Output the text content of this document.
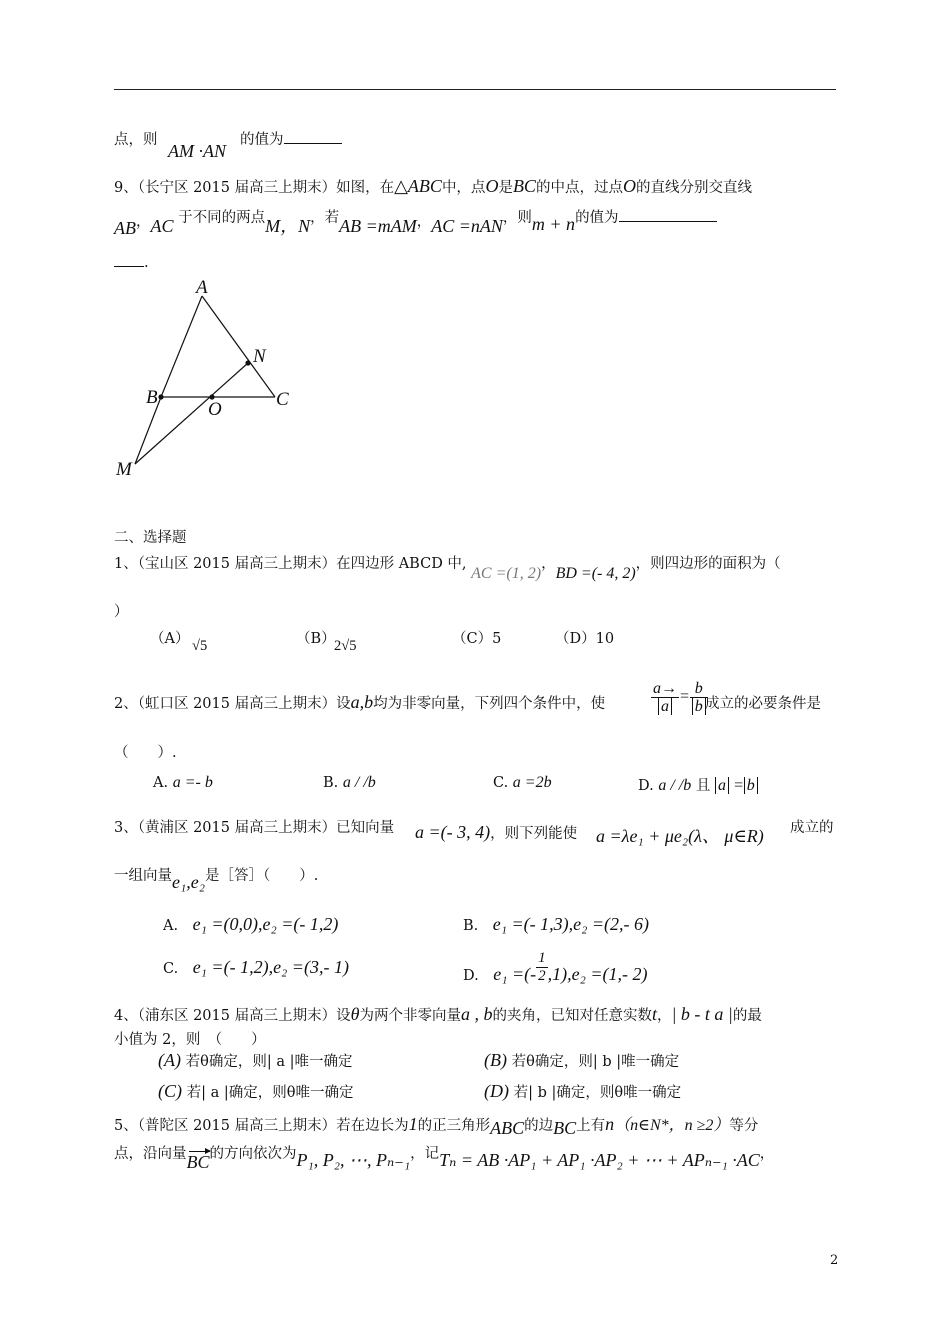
点，则
AM ·AN
的值为
9、（长宁区 2015 届高三上期末）如图，在△ABC中，点O是BC的中点，过点O的直线分别交直线
AB，AC 于不同的两点M，N，若AB =mAM，AC =nAN，则m + n的值为
.
A
N
B
O	C
M
二、选择题
1、（宝山区 2015 届高三上期末）在四边形 ABCD 中, AC =(1, 2)，BD =(- 4, 2)，则四边形的面积为（
）
（A） √5	（B）
2√5	（C）5	（D）10
2、（虹口区 2015 届高三上期末）设a,b均为非零向量，下列四个条件中，使	$\frac{a\to}{a} = \frac{b}{b}$
成立的必要条件是
（　　）.
A. a =- b	B. a / /b	C. a =2b	D. a / /b 且 a = b
3、（黄浦区 2015 届高三上期末）已知向量 a =(- 3, 4)，则下列能使 a =λe₁ + μe₂(λ、 μ∈R) 成立的
一组向量e₁,e₂是［答］（　　）.
A.　 e₁ =(0,0),e₂ =(- 1,2)	B.　 e₁ =(- 1,3),e₂ =(2,- 6)
C.　 e₁ =(- 1,2),e₂ =(3,- 1)	D.　 e₁ =(- $\frac{1}{2} ,1),e_2 =(1,-$ 2)
4、（浦东区 2015 届高三上期末）设θ为两个非零向量a , b的夹角，已知对任意实数t，| b - t a |的最
小值为 2，则　（　　）
(A) 若θ确定，则| a |唯一确定	(B) 若θ确定，则| b |唯一确定
(C) 若| a |确定，则θ唯一确定	(D) 若| b |确定，则θ唯一确定
5、（普陀区 2015 届高三上期末）若在边长为1的正三角形ABC的边BC上有n（n∈N*，n ≥2）等分
点，沿向量BC的方向依次为P₁, P₂, ⋯, Pₙ₋₁，记Tₙ = AB ·AP₁ + AP₁ ·AP₂ + ⋯ + APₙ₋₁ ·AC，
2
